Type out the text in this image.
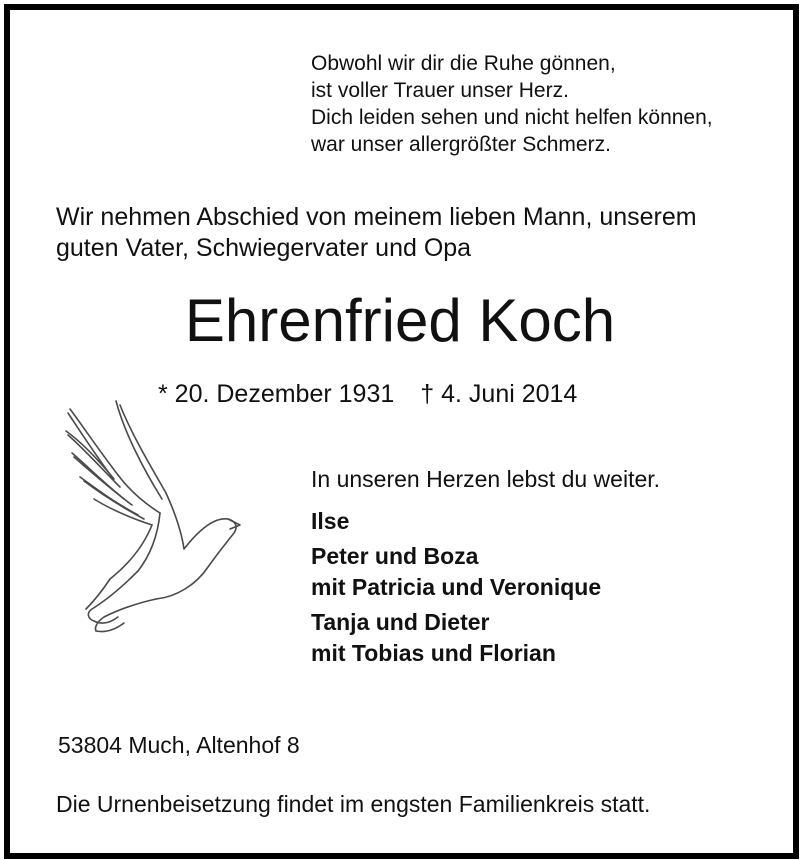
Obwohl wir dir die Ruhe gönnen,
ist voller Trauer unser Herz.
Dich leiden sehen und nicht helfen können,
war unser allergrößter Schmerz.
Wir nehmen Abschied von meinem lieben Mann, unserem
guten Vater, Schwiegervater und Opa
Ehrenfried Koch
* 20. Dezember 1931 † 4. Juni 2014
In unseren Herzen lebst du weiter.
Ilse
Peter und Boza
mit Patricia und Veronique
Tanja und Dieter
mit Tobias und Florian
53804 Much, Altenhof 8
Die Urnenbeisetzung findet im engsten Familienkreis statt.
